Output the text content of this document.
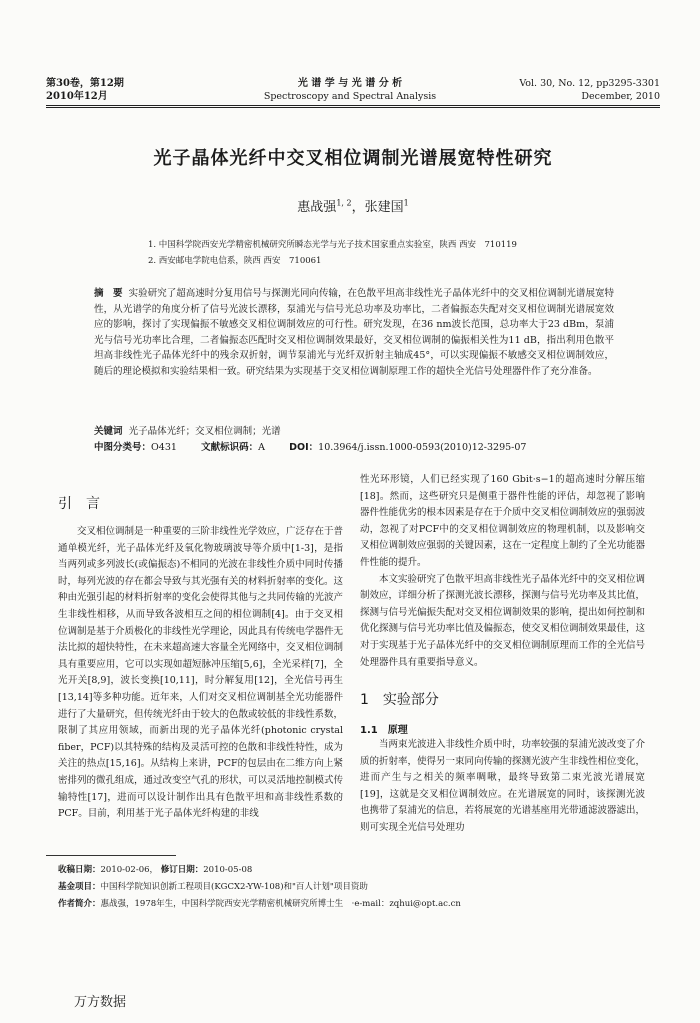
第30卷，第12期
2010年12月
光 谱 学 与 光 谱 分 析
Spectroscopy and Spectral Analysis
Vol. 30, No. 12, pp3295-3301
December, 2010
光子晶体光纤中交叉相位调制光谱展宽特性研究
惠战强$^{1, 2}$，张建国$^1$
1. 中国科学院西安光学精密机械研究所瞬态光学与光子技术国家重点实验室，陕西 西安　710119
2. 西安邮电学院电信系，陕西 西安　710061
摘　要 实验研究了超高速时分复用信号与探测光同向传输，在色散平坦高非线性光子晶体光纤中的交叉相位调制光谱展宽特性，从光谱学的角度分析了信号光波长漂移，泵浦光与信号光总功率及功率比，二者偏振态失配对交叉相位调制光谱展宽效应的影响，探讨了实现偏振不敏感交叉相位调制效应的可行性。研究发现，在36 nm波长范围，总功率大于23 dBm，泵浦光与信号光功率比合理，二者偏振态匹配时交叉相位调制效果最好，交叉相位调制的偏振相关性为11 dB，指出利用色散平坦高非线性光子晶体光纤中的残余双折射，调节泵浦光与光纤双折射主轴成45°，可以实现偏振不敏感交叉相位调制效应，随后的理论模拟和实验结果相一致。研究结果为实现基于交叉相位调制原理工作的超快全光信号处理器件作了充分准备。
关键词 光子晶体光纤；交叉相位调制；光谱
中图分类号：O431	文献标识码：A	DOI：10.3964/j.issn.1000-0593(2010)12-3295-07
引　言

交叉相位调制是一种重要的三阶非线性光学效应，广泛存在于普通单模光纤，光子晶体光纤及氧化物玻璃波导等介质中[1-3]，是指当两列或多列波长(或偏振态)不相同的光波在非线性介质中同时传播时，每列光波的存在都会导致与其光强有关的材料折射率的变化。这种由光强引起的材料折射率的变化会使得其他与之共同传输的光波产生非线性相移，从而导致各波相互之间的相位调制[4]。由于交叉相位调制是基于介质极化的非线性光学理论，因此具有传统电学器件无法比拟的超快特性，在未来超高速大容量全光网络中，交叉相位调制具有重要应用，它可以实现如超短脉冲压缩[5,6]，全光采样[7]，全光开关[8,9]，波长变换[10,11]，时分解复用[12]，全光信号再生[13,14]等多种功能。近年来，人们对交叉相位调制基全光功能器件进行了大量研究，但传统光纤由于较大的色散或较低的非线性系数，限制了其应用领域，而新出现的光子晶体光纤(photonic crystal fiber，PCF)以其特殊的结构及灵活可控的色散和非线性特性，成为关注的热点[15,16]。从结构上来讲，PCF的包层由在二维方向上紧密排列的微孔组成，通过改变空气孔的形状，可以灵活地控制模式传输特性[17]，进而可以设计制作出具有色散平坦和高非线性系数的PCF。目前，利用基于光子晶体光纤构建的非线

性光环形镜，人们已经实现了160 Gbit·s−1的超高速时分解压缩[18]。然而，这些研究只是侧重于器件性能的评估，却忽视了影响器件性能优劣的根本因素是存在于介质中交叉相位调制效应的强弱波动，忽视了对PCF中的交叉相位调制效应的物理机制，以及影响交叉相位调制效应强弱的关键因素，这在一定程度上制约了全光功能器件性能的提升。

本文实验研究了色散平坦高非线性光子晶体光纤中的交叉相位调制效应，详细分析了探测光波长漂移，探测与信号光功率及其比值，探测与信号光偏振失配对交叉相位调制效果的影响，提出如何控制和优化探测与信号光功率比值及偏振态，使交叉相位调制效果最佳，这对于实现基于光子晶体光纤中的交叉相位调制原理而工作的全光信号处理器件具有重要指导意义。

1　实验部分
1.1　原理

当两束光波进入非线性介质中时，功率较强的泵浦光波改变了介质的折射率，使得另一束同向传输的探测光波产生非线性相位变化，进而产生与之相关的频率啁啾，最终导致第二束光波光谱展宽[19]，这就是交叉相位调制效应。在光谱展宽的同时，该探测光波也携带了泵浦光的信息，若将展宽的光谱基座用光带通滤波器滤出，则可实现全光信号处理功

收稿日期：2010-02-06， 修订日期：2010-05-08
基金项目：中国科学院知识创新工程项目(KGCX2-YW-108)和"百人计划"项目资助
作者简介：惠战强，1978年生，中国科学院西安光学精密机械研究所博士生　·e-mail：zqhui@opt.ac.cn
万方数据
